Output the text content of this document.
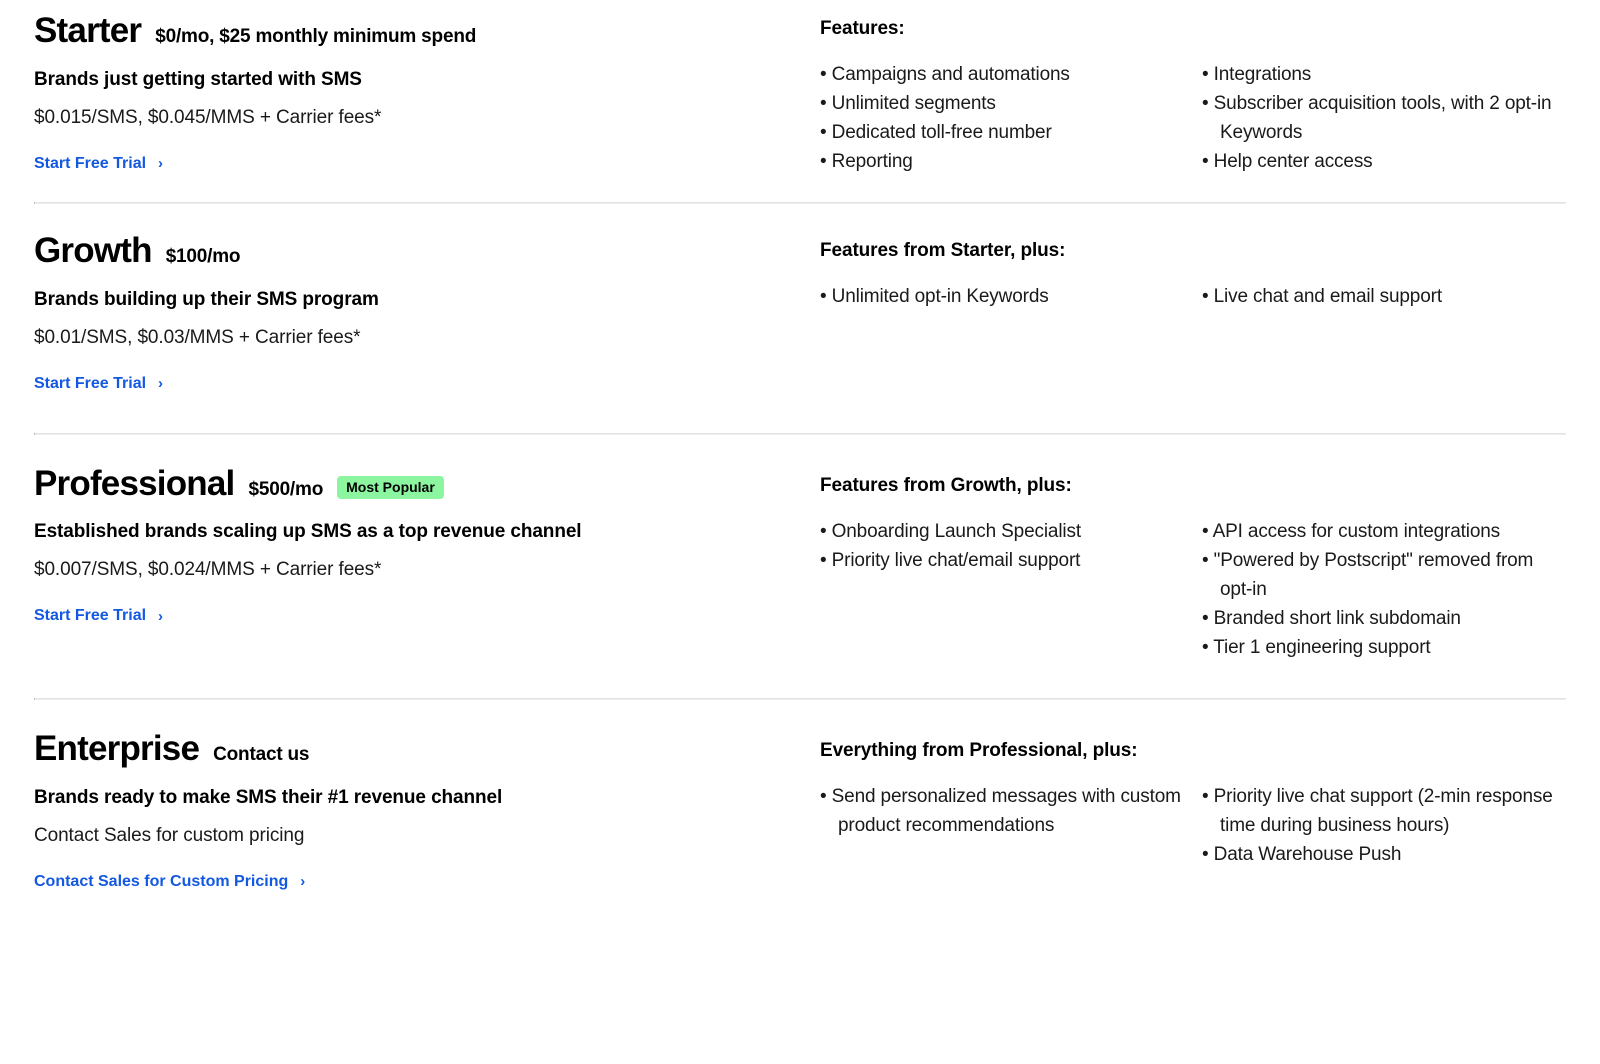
Starter $0/mo, $25 monthly minimum spend
Brands just getting started with SMS
$0.015/SMS, $0.045/MMS + Carrier fees*
Start Free Trial ›
Features:
• Campaigns and automations
• Unlimited segments
• Dedicated toll-free number
• Reporting
• Integrations
• Subscriber acquisition tools, with 2 opt-in Keywords
• Help center access
Growth $100/mo
Brands building up their SMS program
$0.01/SMS, $0.03/MMS + Carrier fees*
Start Free Trial ›
Features from Starter, plus:
• Unlimited opt-in Keywords	• Live chat and email support
Professional $500/mo	Most Popular
Established brands scaling up SMS as a top revenue channel
$0.007/SMS, $0.024/MMS + Carrier fees*
Start Free Trial ›
Features from Growth, plus:
• Onboarding Launch Specialist
• Priority live chat/email support
• API access for custom integrations
• "Powered by Postscript" removed from opt-in
• Branded short link subdomain
• Tier 1 engineering support
Enterprise Contact us
Brands ready to make SMS their #1 revenue channel
Contact Sales for custom pricing
Contact Sales for Custom Pricing ›
Everything from Professional, plus:
• Send personalized messages with custom product recommendations
• Priority live chat support (2-min response time during business hours)
• Data Warehouse Push
